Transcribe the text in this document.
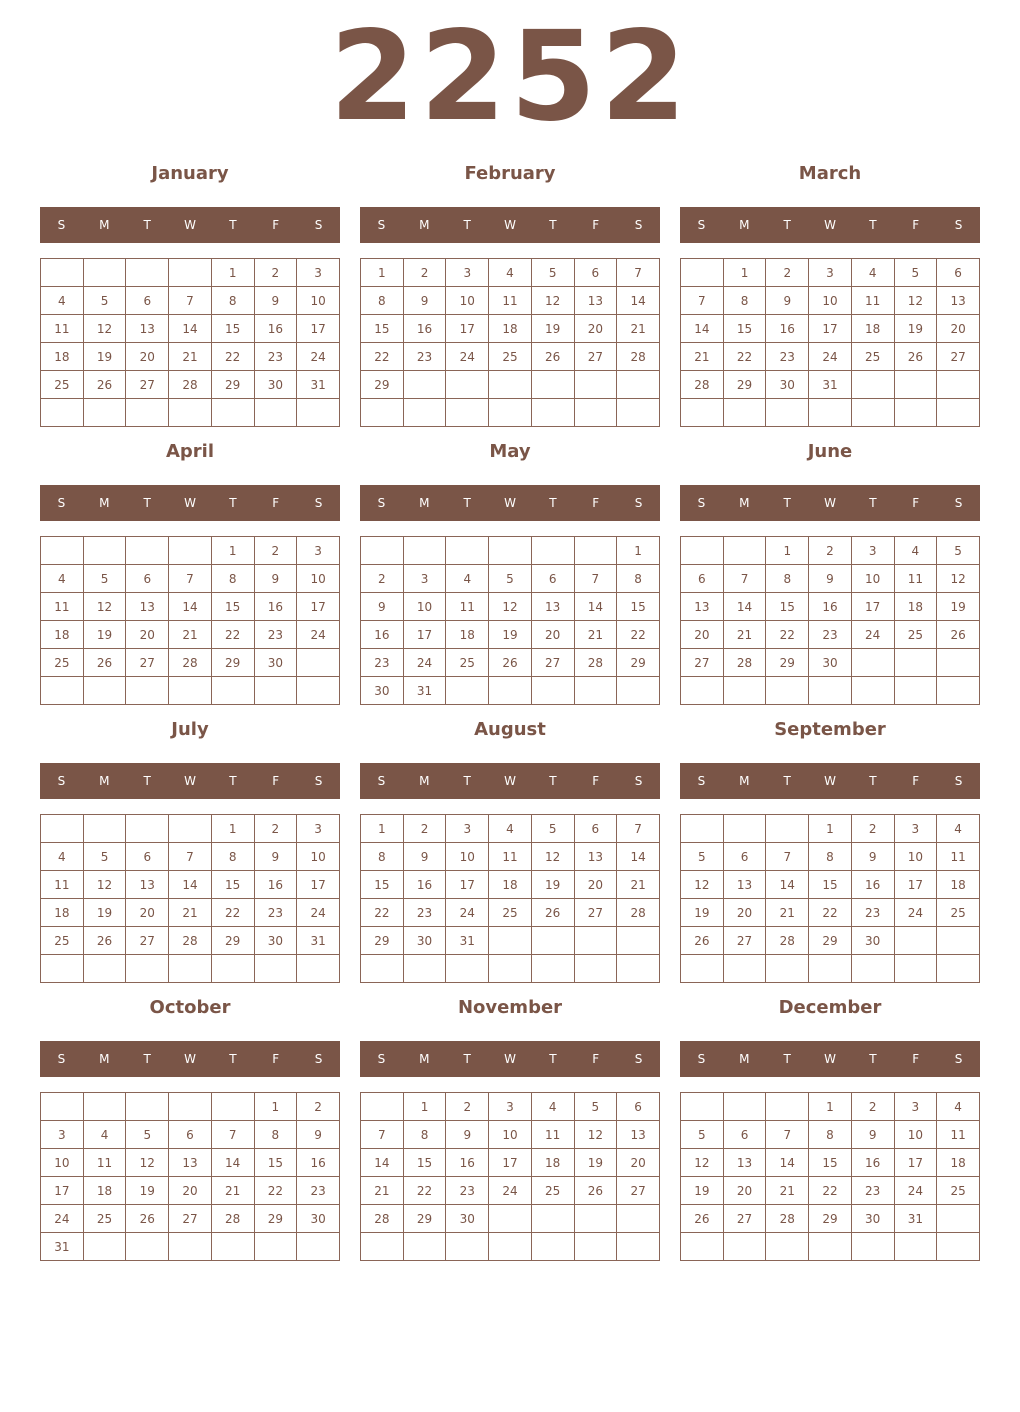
2252
January
S	M	T	W	T	F	S
				1	2	3
4	5	6	7	8	9	10
11	12	13	14	15	16	17
18	19	20	21	22	23	24
25	26	27	28	29	30	31

February
S	M	T	W	T	F	S
1	2	3	4	5	6	7
8	9	10	11	12	13	14
15	16	17	18	19	20	21
22	23	24	25	26	27	28
29						

March
S	M	T	W	T	F	S
	1	2	3	4	5	6
7	8	9	10	11	12	13
14	15	16	17	18	19	20
21	22	23	24	25	26	27
28	29	30	31			

April
S	M	T	W	T	F	S
				1	2	3
4	5	6	7	8	9	10
11	12	13	14	15	16	17
18	19	20	21	22	23	24
25	26	27	28	29	30	

May
S	M	T	W	T	F	S
						1
2	3	4	5	6	7	8
9	10	11	12	13	14	15
16	17	18	19	20	21	22
23	24	25	26	27	28	29
30	31					
June
S	M	T	W	T	F	S
		1	2	3	4	5
6	7	8	9	10	11	12
13	14	15	16	17	18	19
20	21	22	23	24	25	26
27	28	29	30			

July
S	M	T	W	T	F	S
				1	2	3
4	5	6	7	8	9	10
11	12	13	14	15	16	17
18	19	20	21	22	23	24
25	26	27	28	29	30	31

August
S	M	T	W	T	F	S
1	2	3	4	5	6	7
8	9	10	11	12	13	14
15	16	17	18	19	20	21
22	23	24	25	26	27	28
29	30	31				

September
S	M	T	W	T	F	S
			1	2	3	4
5	6	7	8	9	10	11
12	13	14	15	16	17	18
19	20	21	22	23	24	25
26	27	28	29	30		

October
S	M	T	W	T	F	S
					1	2
3	4	5	6	7	8	9
10	11	12	13	14	15	16
17	18	19	20	21	22	23
24	25	26	27	28	29	30
31						
November
S	M	T	W	T	F	S
	1	2	3	4	5	6
7	8	9	10	11	12	13
14	15	16	17	18	19	20
21	22	23	24	25	26	27
28	29	30				

December
S	M	T	W	T	F	S
			1	2	3	4
5	6	7	8	9	10	11
12	13	14	15	16	17	18
19	20	21	22	23	24	25
26	27	28	29	30	31	
